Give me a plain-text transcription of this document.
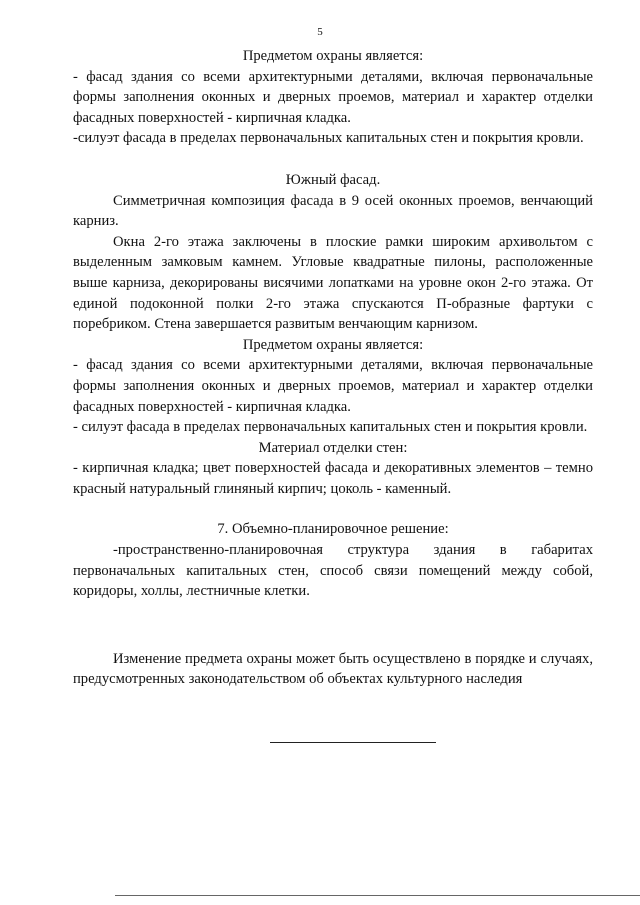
5

Предметом охраны является:

- фасад здания со всеми архитектурными деталями, включая первоначальные формы заполнения оконных и дверных проемов, материал и характер отделки фасадных поверхностей - кирпичная кладка.

-силуэт фасада в пределах первоначальных капитальных стен и покрытия кровли.

Южный фасад.

Симметричная композиция фасада в 9 осей оконных проемов, венчающий карниз.

Окна 2-го этажа заключены в плоские рамки широким архивольтом с выделенным замковым камнем. Угловые квадратные пилоны, расположенные выше карниза, декорированы висячими лопатками на уровне окон 2-го этажа. От единой подоконной полки 2-го этажа спускаются П-образные фартуки с поребриком. Стена завершается развитым венчающим карнизом.

Предметом охраны является:

- фасад здания со всеми архитектурными деталями, включая первоначальные формы заполнения оконных и дверных проемов, материал и характер отделки фасадных поверхностей - кирпичная кладка.

- силуэт фасада в пределах первоначальных капитальных стен и покрытия кровли.

Материал отделки стен:

- кирпичная кладка; цвет поверхностей фасада и декоративных элементов – темно красный натуральный глиняный кирпич; цоколь - каменный.

7. Объемно-планировочное решение:

-пространственно-планировочная структура здания в габаритах первоначальных капитальных стен, способ связи помещений между собой, коридоры, холлы, лестничные клетки.

Изменение предмета охраны может быть осуществлено в порядке и случаях, предусмотренных законодательством об объектах культурного наследия
